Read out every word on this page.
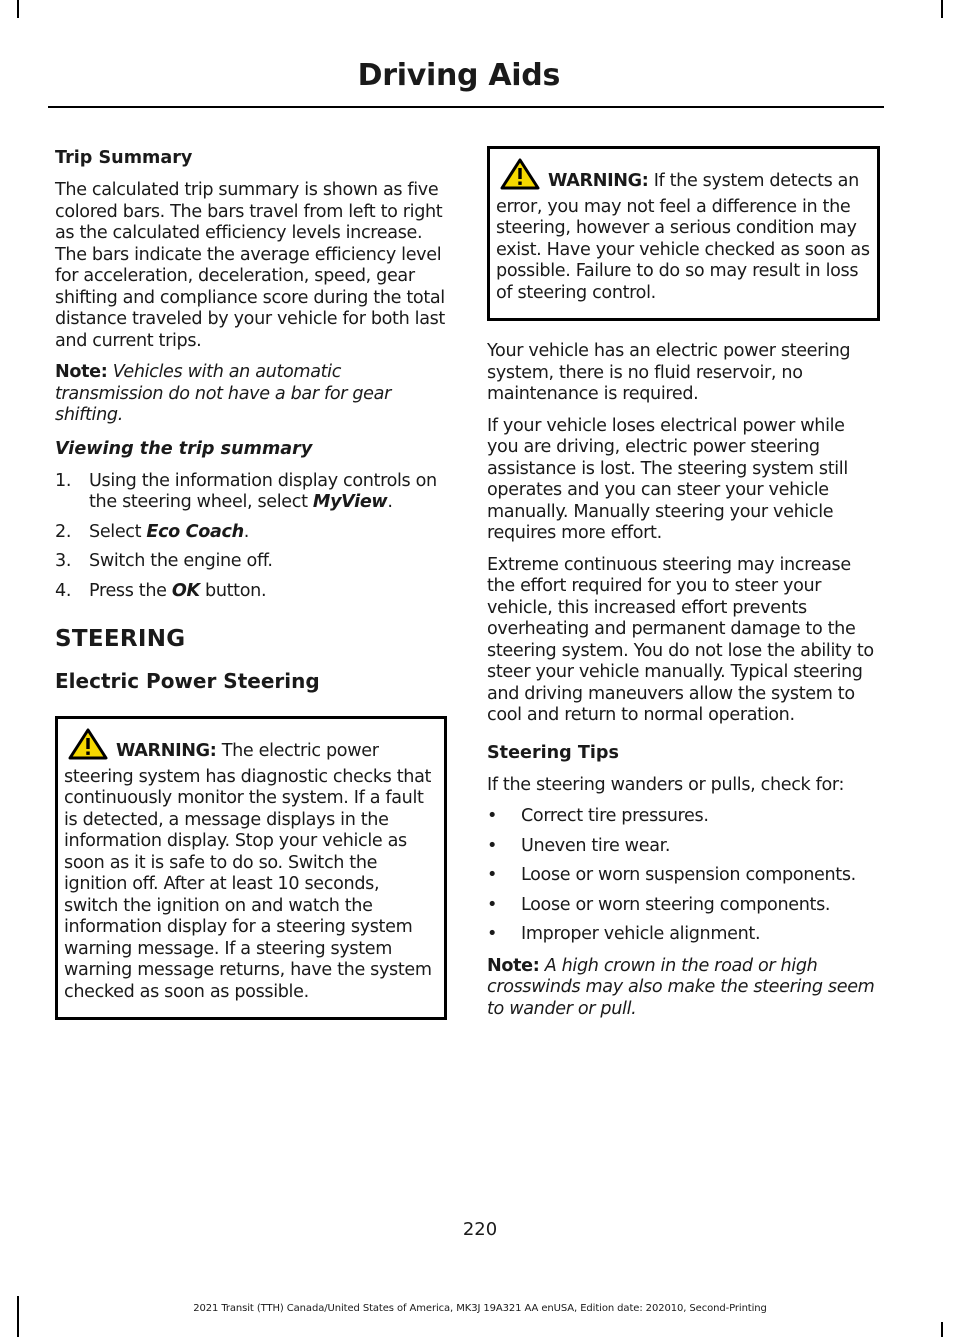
Driving Aids
Trip Summary

The calculated trip summary is shown as five colored bars. The bars travel from left to right as the calculated efficiency levels increase. The bars indicate the average efficiency level for acceleration, deceleration, speed, gear shifting and compliance score during the total distance traveled by your vehicle for both last and current trips.

Note: Vehicles with an automatic transmission do not have a bar for gear shifting.

Viewing the trip summary
1. Using the information display controls on the steering wheel, select MyView.
2. Select Eco Coach.
3. Switch the engine off.
4. Press the OK button.
STEERING
Electric Power Steering

WARNING: The electric power steering system has diagnostic checks that continuously monitor the system. If a fault is detected, a message displays in the information display. Stop your vehicle as soon as it is safe to do so. Switch the ignition off. After at least 10 seconds, switch the ignition on and watch the information display for a steering system warning message. If a steering system warning message returns, have the system checked as soon as possible.

WARNING: If the system detects an error, you may not feel a difference in the steering, however a serious condition may exist. Have your vehicle checked as soon as possible. Failure to do so may result in loss of steering control.

Your vehicle has an electric power steering system, there is no fluid reservoir, no maintenance is required.

If your vehicle loses electrical power while you are driving, electric power steering assistance is lost. The steering system still operates and you can steer your vehicle manually. Manually steering your vehicle requires more effort.

Extreme continuous steering may increase the effort required for you to steer your vehicle, this increased effort prevents overheating and permanent damage to the steering system. You do not lose the ability to steer your vehicle manually. Typical steering and driving maneuvers allow the system to cool and return to normal operation.

Steering Tips

If the steering wanders or pulls, check for:

• Correct tire pressures.
• Uneven tire wear.
• Loose or worn suspension components.
• Loose or worn steering components.
• Improper vehicle alignment.

Note: A high crown in the road or high crosswinds may also make the steering seem to wander or pull.

220
2021 Transit (TTH) Canada/United States of America, MK3J 19A321 AA enUSA, Edition date: 202010, Second-Printing
